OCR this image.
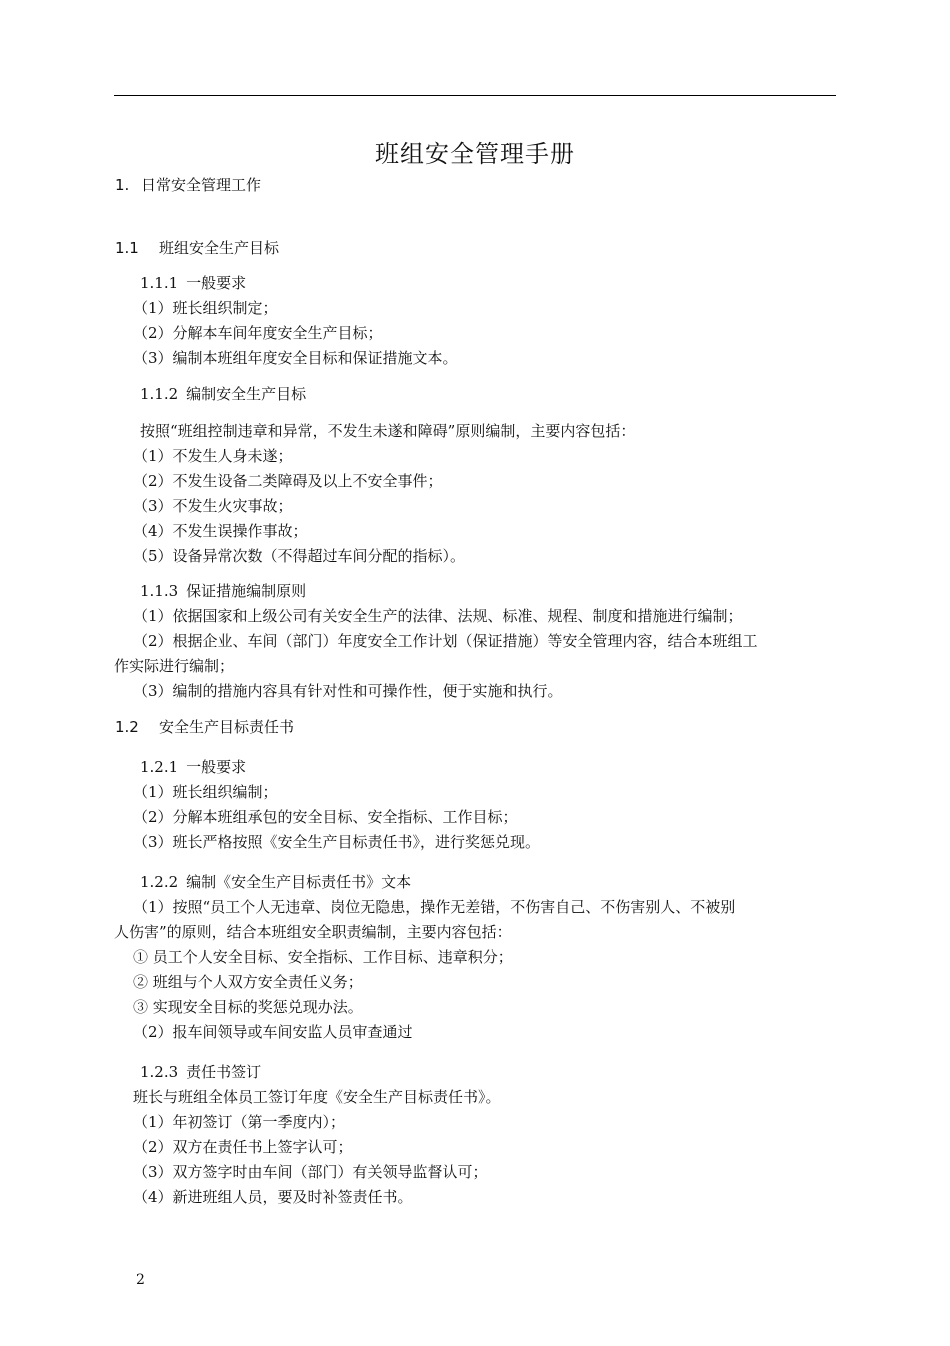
班组安全管理手册
1. 日常安全管理工作
1.1 班组安全生产目标
1.1.1 一般要求
（1）班长组织制定；
（2）分解本车间年度安全生产目标；
（3）编制本班组年度安全目标和保证措施文本。
1.1.2 编制安全生产目标
按照“班组控制违章和异常，不发生未遂和障碍”原则编制，主要内容包括：
（1）不发生人身未遂；
（2）不发生设备二类障碍及以上不安全事件；
（3）不发生火灾事故；
（4）不发生误操作事故；
（5）设备异常次数（不得超过车间分配的指标）。
1.1.3 保证措施编制原则
（1）依据国家和上级公司有关安全生产的法律、法规、标准、规程、制度和措施进行编制；
（2）根据企业、车间（部门）年度安全工作计划（保证措施）等安全管理内容，结合本班组工
作实际进行编制；
（3）编制的措施内容具有针对性和可操作性，便于实施和执行。
1.2 安全生产目标责任书
1.2.1 一般要求
（1）班长组织编制；
（2）分解本班组承包的安全目标、安全指标、工作目标；
（3）班长严格按照《安全生产目标责任书》，进行奖惩兑现。
1.2.2 编制《安全生产目标责任书》文本
（1）按照“员工个人无违章、岗位无隐患，操作无差错，不伤害自己、不伤害别人、不被别
人伤害”的原则，结合本班组安全职责编制，主要内容包括：
① 员工个人安全目标、安全指标、工作目标、违章积分；
② 班组与个人双方安全责任义务；
③ 实现安全目标的奖惩兑现办法。
（2）报车间领导或车间安监人员审查通过
1.2.3 责任书签订
班长与班组全体员工签订年度《安全生产目标责任书》。
（1）年初签订（第一季度内）；
（2）双方在责任书上签字认可；
（3）双方签字时由车间（部门）有关领导监督认可；
（4）新进班组人员，要及时补签责任书。
2
